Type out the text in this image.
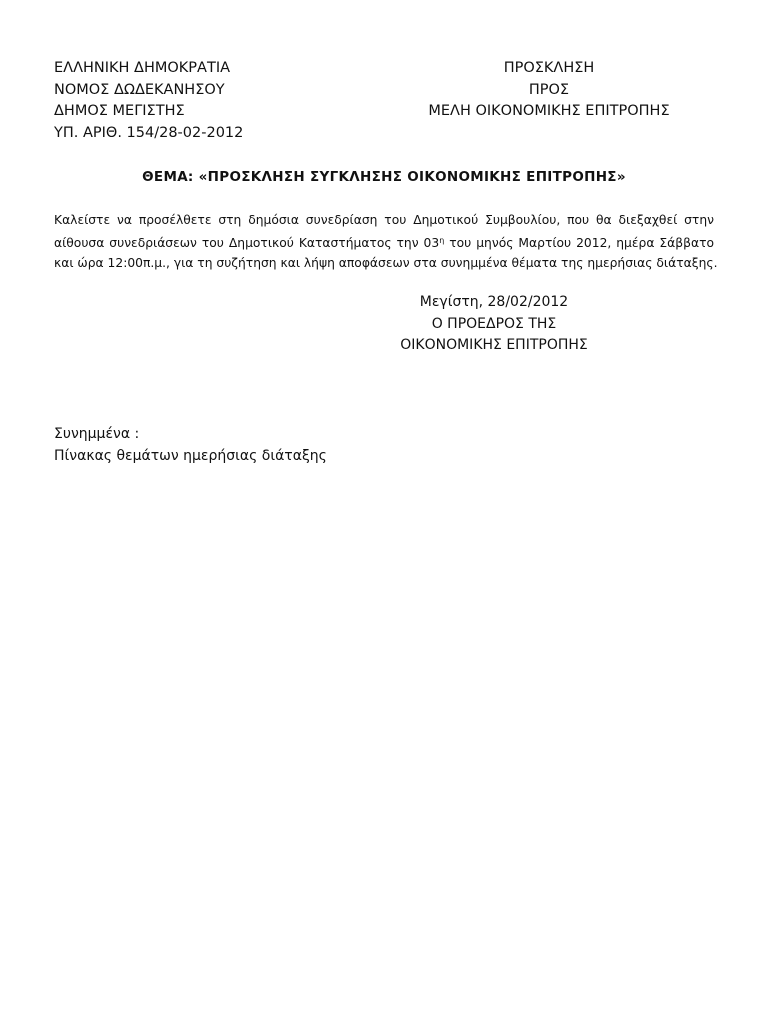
ΕΛΛΗΝΙΚΗ ΔΗΜΟΚΡΑΤΙΑ
ΝΟΜΟΣ ΔΩΔΕΚΑΝΗΣΟΥ
ΔΗΜΟΣ ΜΕΓΙΣΤΗΣ
ΥΠ. ΑΡΙΘ. 154/28-02-2012
ΠΡΟΣΚΛΗΣΗ
ΠΡΟΣ
ΜΕΛΗ ΟΙΚΟΝΟΜΙΚΗΣ ΕΠΙΤΡΟΠΗΣ
ΘΕΜΑ: «ΠΡΟΣΚΛΗΣΗ ΣΥΓΚΛΗΣΗΣ ΟΙΚΟΝΟΜΙΚΗΣ ΕΠΙΤΡΟΠΗΣ»
Καλείστε να προσέλθετε στη δημόσια συνεδρίαση του Δημοτικού Συμβουλίου, που θα διεξαχθεί στην
αίθουσα συνεδριάσεων του Δημοτικού Καταστήματος την $03^\eta$ του μηνός Μαρτίου 2012, ημέρα Σάββατο
και ώρα 12:00π.μ., για τη συζήτηση και λήψη αποφάσεων στα συνημμένα θέματα της ημερήσιας διάταξης.
Μεγίστη, 28/02/2012
Ο ΠΡΟΕΔΡΟΣ ΤΗΣ
ΟΙΚΟΝΟΜΙΚΗΣ ΕΠΙΤΡΟΠΗΣ
Συνημμένα :
Πίνακας θεμάτων ημερήσιας διάταξης
